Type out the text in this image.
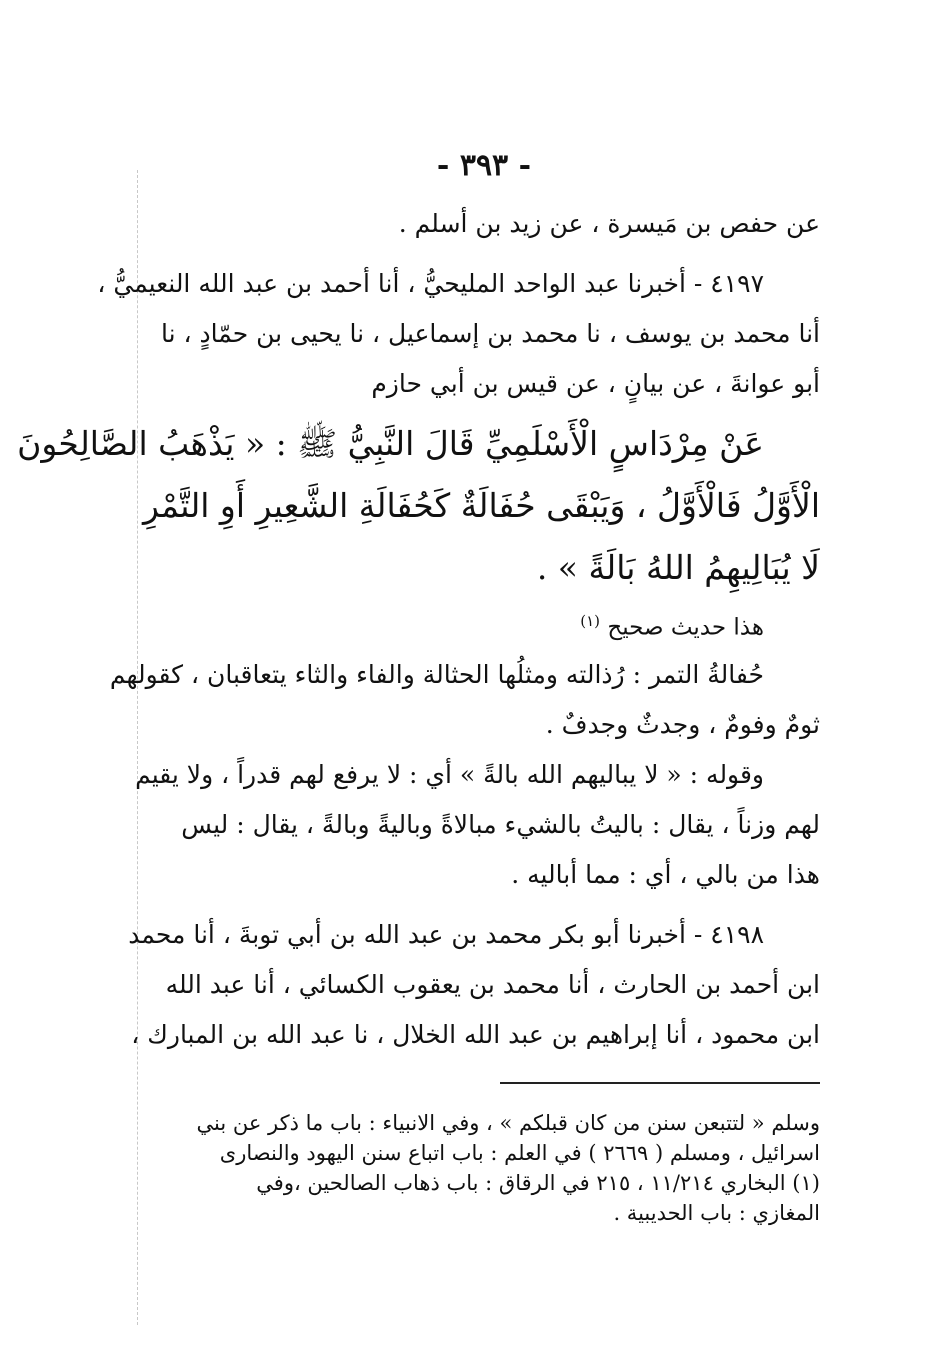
- ٣٩٣ -
عن حفص بن مَيسرة ، عن زيد بن أسلم .
٤١٩٧ - أخبرنا عبد الواحد المليحيُّ ، أنا أحمد بن عبد الله النعيميُّ ،
أنا محمد بن يوسف ، نا محمد بن إسماعيل ، نا يحيى بن حمّادٍ ، نا
أبو عوانةَ ، عن بيانٍ ، عن قيس بن أبي حازم
عَنْ مِرْدَاسٍ الْأَسْلَمِيِّ قَالَ النَّبِيُّ ﷺ : « يَذْهَبُ الصَّالِحُونَ
الْأَوَّلُ فَالْأَوَّلُ ، وَيَبْقَى حُفَالَةٌ كَحُفَالَةِ الشَّعِيرِ أَوِ التَّمْرِ
لَا يُبَالِيهِمُ اللهُ بَالَةً » .
هذا حديث صحيح $^{(١)}$
حُفالةُ التمر : رُذالته ومثلُها الحثالة والفاء والثاء يتعاقبان ، كقولهم
ثومٌ وفومٌ ، وجدثٌ وجدفٌ .
وقوله : « لا يباليهم الله بالةً » أي : لا يرفع لهم قدراً ، ولا يقيم
لهم وزناً ، يقال : باليتُ بالشيء مبالاةً وباليةً وبالةً ، يقال : ليس
هذا من بالي ، أي : مما أباليه .
٤١٩٨ - أخبرنا أبو بكر محمد بن عبد الله بن أبي توبةَ ، أنا محمد
ابن أحمد بن الحارث ، أنا محمد بن يعقوب الكسائي ، أنا عبد الله
ابن محمود ، أنا إبراهيم بن عبد الله الخلال ، نا عبد الله بن المبارك ،
وسلم « لتتبعن سنن من كان قبلكم » ، وفي الانبياء : باب ما ذكر عن بني
اسرائيل ، ومسلم ( ٢٦٦٩ ) في العلم : باب اتباع سنن اليهود والنصارى
(١) البخاري ١١/٢١٤ ، ٢١٥ في الرقاق : باب ذهاب الصالحين ،وفي
المغازي : باب الحديبية .
